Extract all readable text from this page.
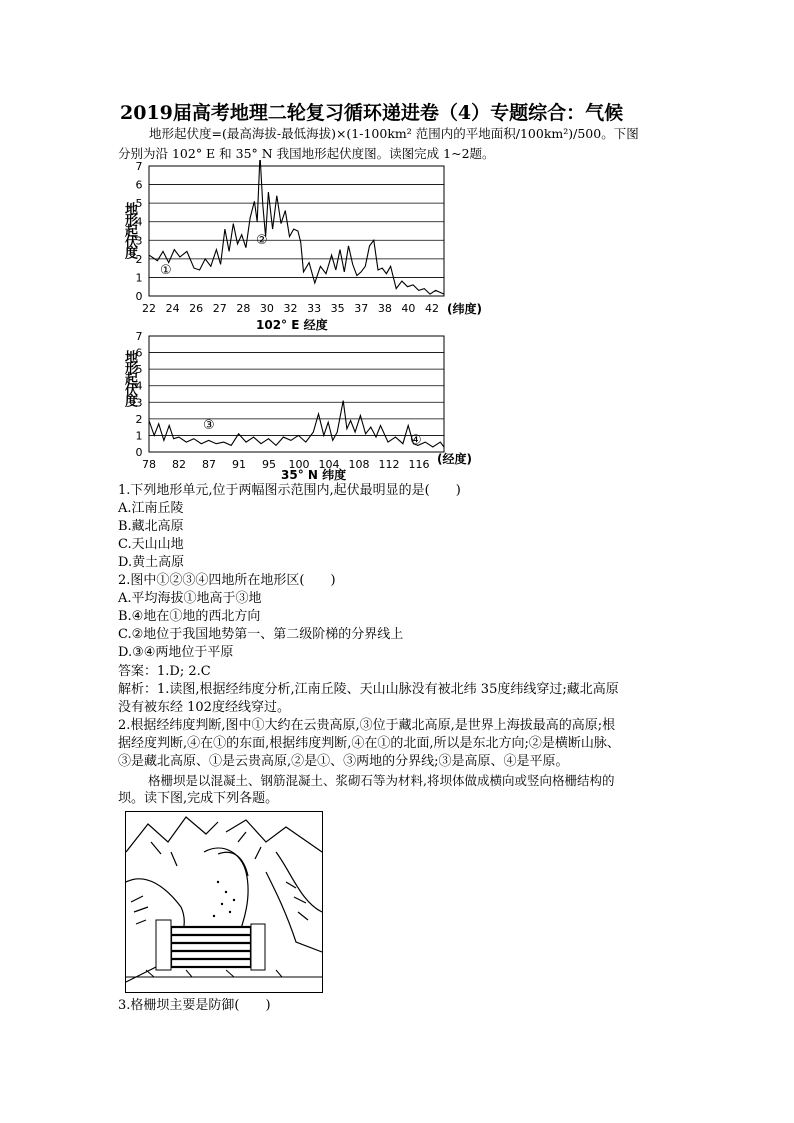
2019届高考地理二轮复习循环递进卷（4）专题综合：气候
地形起伏度=(最高海拔-最低海拔)×(1-100km² 范围内的平地面积/100km²)/500。下图
分别为沿 102° E 和 35° N 我国地形起伏度图。读图完成 1~2题。
0
1
2
3
4
5
6
7
22 24 26 27 28 30 32 33 35 37 38 40 42
①
②
(纬度)
102° E 经度
地形起伏度
0
1
2
3
4
5
6
7
78 82 87 91 95 100 104 108 112 116
③
④
(经度)
35° N 纬度
地形起伏度
1.下列地形单元,位于两幅图示范围内,起伏最明显的是(　　)
A.江南丘陵
B.藏北高原
C.天山山地
D.黄土高原
2.图中①②③④四地所在地形区(　　)
A.平均海拔①地高于③地
B.④地在①地的西北方向
C.②地位于我国地势第一、第二级阶梯的分界线上
D.③④两地位于平原
答案：1.D; 2.C
解析：1.读图,根据经纬度分析,江南丘陵、天山山脉没有被北纬 35度纬线穿过;藏北高原
没有被东经 102度经线穿过。
2.根据经纬度判断,图中①大约在云贵高原,③位于藏北高原,是世界上海拔最高的高原;根
据经度判断,④在①的东面,根据纬度判断,④在①的北面,所以是东北方向;②是横断山脉、
③是藏北高原、①是云贵高原,②是①、③两地的分界线;③是高原、④是平原。
格栅坝是以混凝土、钢筋混凝土、浆砌石等为材料,将坝体做成横向或竖向格栅结构的
坝。读下图,完成下列各题。
3.格栅坝主要是防御(　　)
